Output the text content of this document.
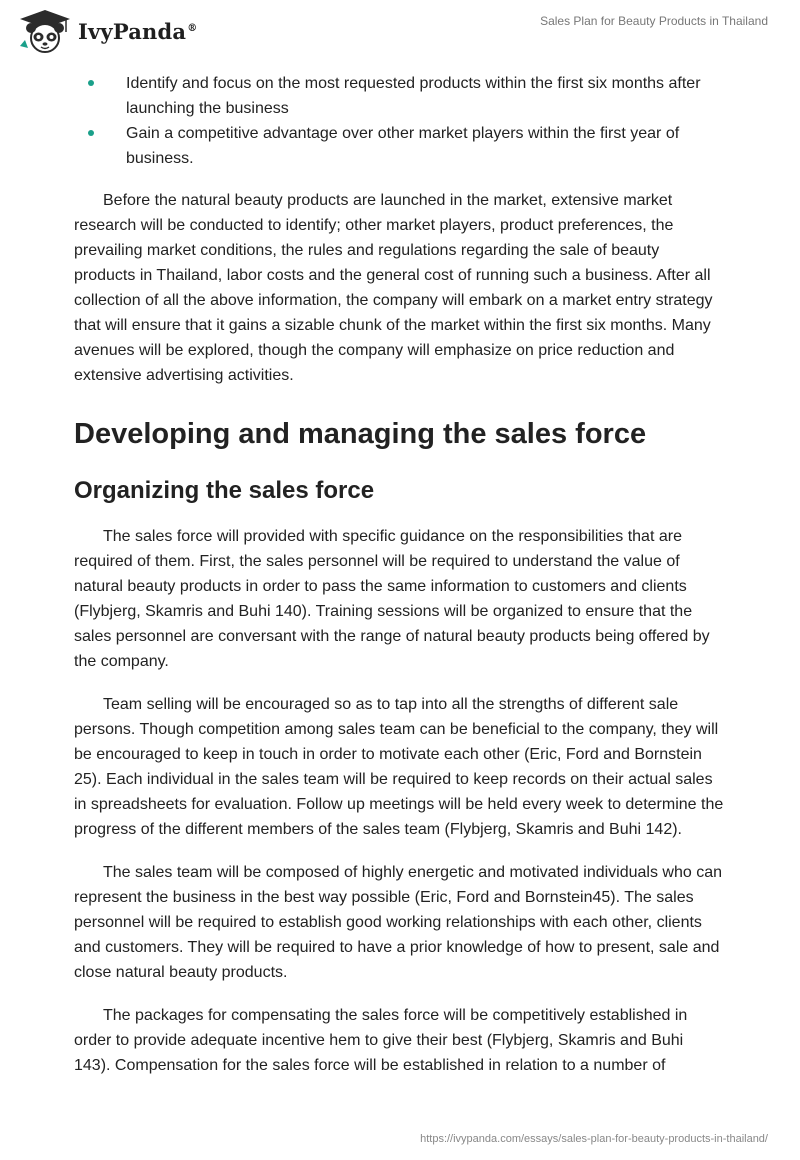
IvyPanda®	Sales Plan for Beauty Products in Thailand
Identify and focus on the most requested products within the first six months after launching the business
Gain a competitive advantage over other market players within the first year of business.

Before the natural beauty products are launched in the market, extensive market research will be conducted to identify; other market players, product preferences, the prevailing market conditions, the rules and regulations regarding the sale of beauty products in Thailand, labor costs and the general cost of running such a business. After all collection of all the above information, the company will embark on a market entry strategy that will ensure that it gains a sizable chunk of the market within the first six months. Many avenues will be explored, though the company will emphasize on price reduction and extensive advertising activities.

Developing and managing the sales force
Organizing the sales force

The sales force will provided with specific guidance on the responsibilities that are required of them. First, the sales personnel will be required to understand the value of natural beauty products in order to pass the same information to customers and clients (Flybjerg, Skamris and Buhi 140). Training sessions will be organized to ensure that the sales personnel are conversant with the range of natural beauty products being offered by the company.

Team selling will be encouraged so as to tap into all the strengths of different sale persons. Though competition among sales team can be beneficial to the company, they will be encouraged to keep in touch in order to motivate each other (Eric, Ford and Bornstein 25). Each individual in the sales team will be required to keep records on their actual sales in spreadsheets for evaluation. Follow up meetings will be held every week to determine the progress of the different members of the sales team (Flybjerg, Skamris and Buhi 142).

The sales team will be composed of highly energetic and motivated individuals who can represent the business in the best way possible (Eric, Ford and Bornstein45). The sales personnel will be required to establish good working relationships with each other, clients and customers. They will be required to have a prior knowledge of how to present, sale and close natural beauty products.

The packages for compensating the sales force will be competitively established in order to provide adequate incentive hem to give their best (Flybjerg, Skamris and Buhi 143). Compensation for the sales force will be established in relation to a number of

https://ivypanda.com/essays/sales-plan-for-beauty-products-in-thailand/
